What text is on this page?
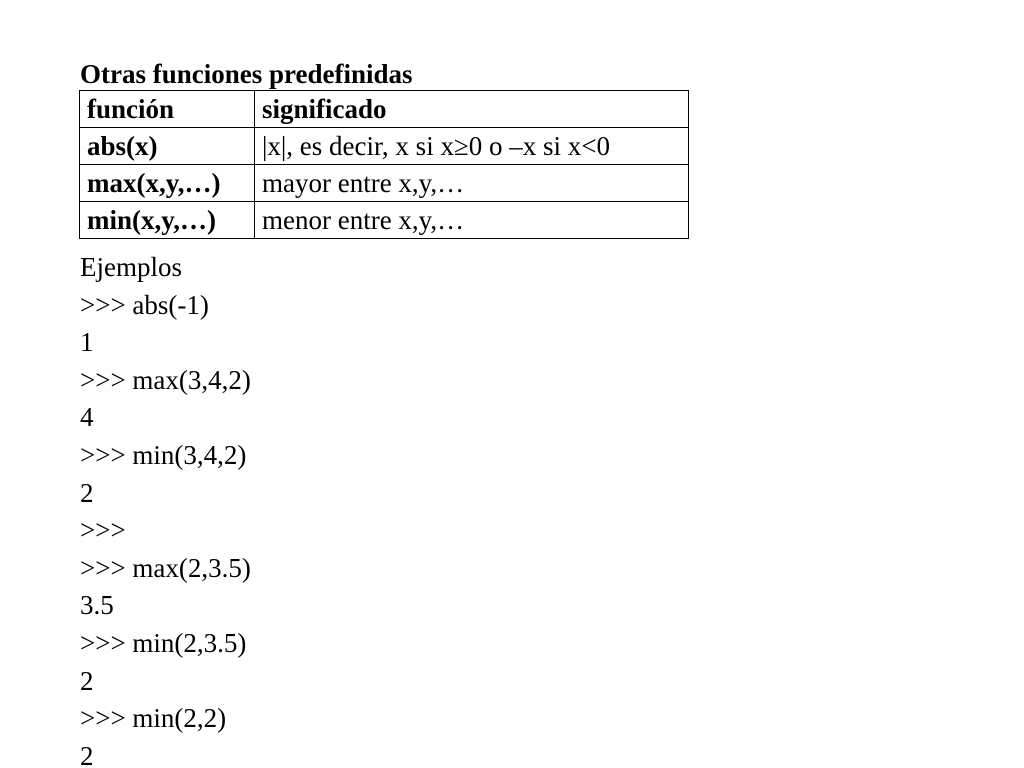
Otras funciones predefinidas
función	significado
abs(x)	|x|, es decir, x si x≥0 o –x si x<0
max(x,y,…)	mayor entre x,y,…
min(x,y,…)	menor entre x,y,…
Ejemplos
>>> abs(-1)
1
>>> max(3,4,2)
4
>>> min(3,4,2)
2
>>>
>>> max(2,3.5)
3.5
>>> min(2,3.5)
2
>>> min(2,2)
2
